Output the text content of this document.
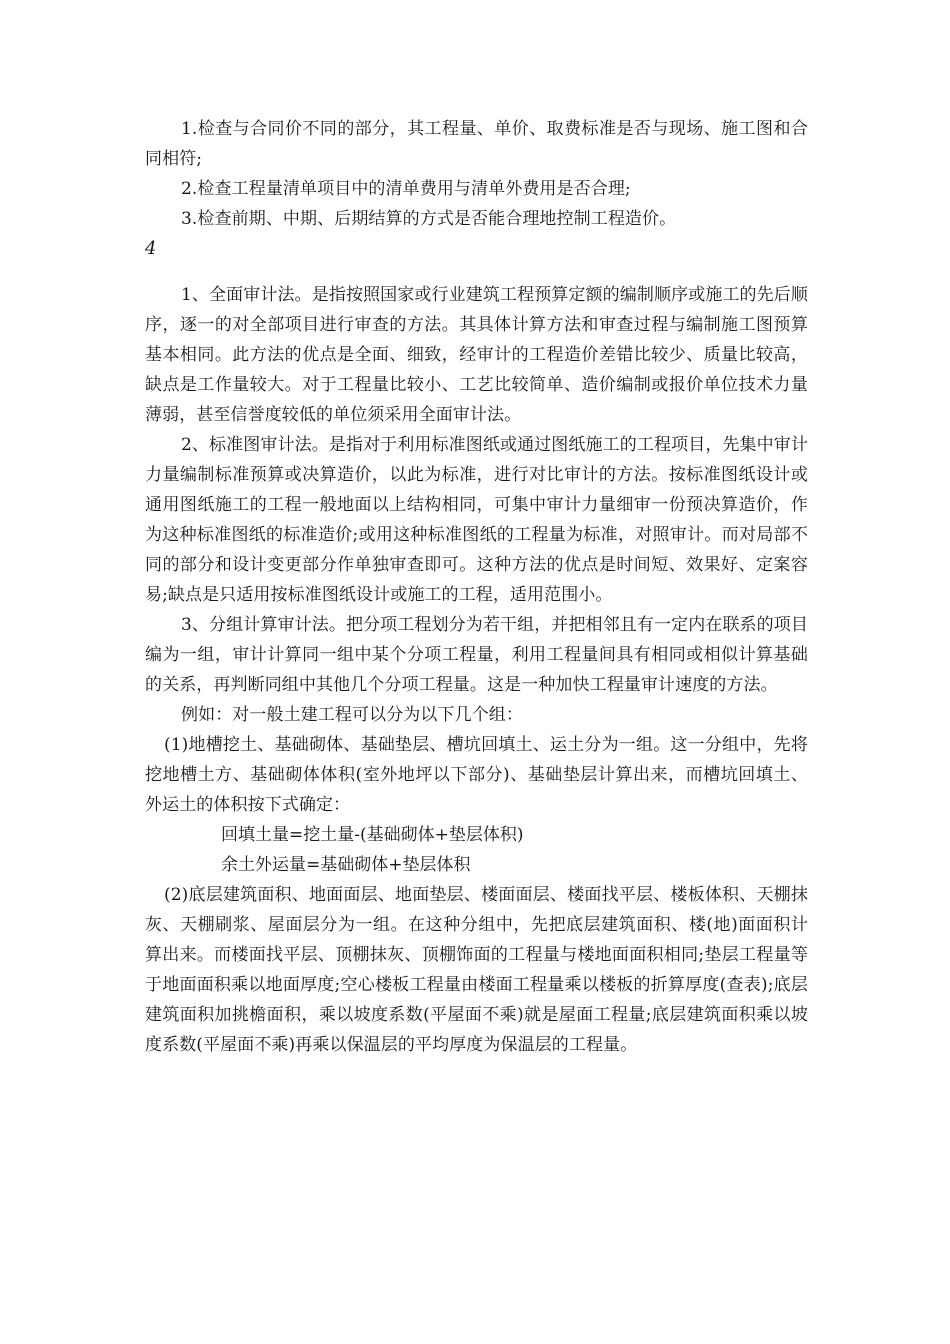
1.检查与合同价不同的部分，其工程量、单价、取费标准是否与现场、施工图和合同相符;

2.检查工程量清单项目中的清单费用与清单外费用是否合理;

3.检查前期、中期、后期结算的方式是否能合理地控制工程造价。

4

1、全面审计法。是指按照国家或行业建筑工程预算定额的编制顺序或施工的先后顺序，逐一的对全部项目进行审查的方法。其具体计算方法和审查过程与编制施工图预算基本相同。此方法的优点是全面、细致，经审计的工程造价差错比较少、质量比较高，缺点是工作量较大。对于工程量比较小、工艺比较简单、造价编制或报价单位技术力量薄弱，甚至信誉度较低的单位须采用全面审计法。

2、标准图审计法。是指对于利用标准图纸或通过图纸施工的工程项目，先集中审计力量编制标准预算或决算造价，以此为标准，进行对比审计的方法。按标准图纸设计或通用图纸施工的工程一般地面以上结构相同，可集中审计力量细审一份预决算造价，作为这种标准图纸的标准造价;或用这种标准图纸的工程量为标准，对照审计。而对局部不同的部分和设计变更部分作单独审查即可。这种方法的优点是时间短、效果好、定案容易;缺点是只适用按标准图纸设计或施工的工程，适用范围小。

3、分组计算审计法。把分项工程划分为若干组，并把相邻且有一定内在联系的项目编为一组，审计计算同一组中某个分项工程量，利用工程量间具有相同或相似计算基础的关系，再判断同组中其他几个分项工程量。这是一种加快工程量审计速度的方法。

例如：对一般土建工程可以分为以下几个组：

(1)地槽挖土、基础砌体、基础垫层、槽坑回填土、运土分为一组。这一分组中，先将挖地槽土方、基础砌体体积(室外地坪以下部分)、基础垫层计算出来，而槽坑回填土、外运土的体积按下式确定：

回填土量=挖土量-(基础砌体+垫层体积)

余土外运量=基础砌体+垫层体积

(2)底层建筑面积、地面面层、地面垫层、楼面面层、楼面找平层、楼板体积、天棚抹灰、天棚刷浆、屋面层分为一组。在这种分组中，先把底层建筑面积、楼(地)面面积计算出来。而楼面找平层、顶棚抹灰、顶棚饰面的工程量与楼地面面积相同;垫层工程量等于地面面积乘以地面厚度;空心楼板工程量由楼面工程量乘以楼板的折算厚度(查表);底层建筑面积加挑檐面积，乘以坡度系数(平屋面不乘)就是屋面工程量;底层建筑面积乘以坡度系数(平屋面不乘)再乘以保温层的平均厚度为保温层的工程量。
